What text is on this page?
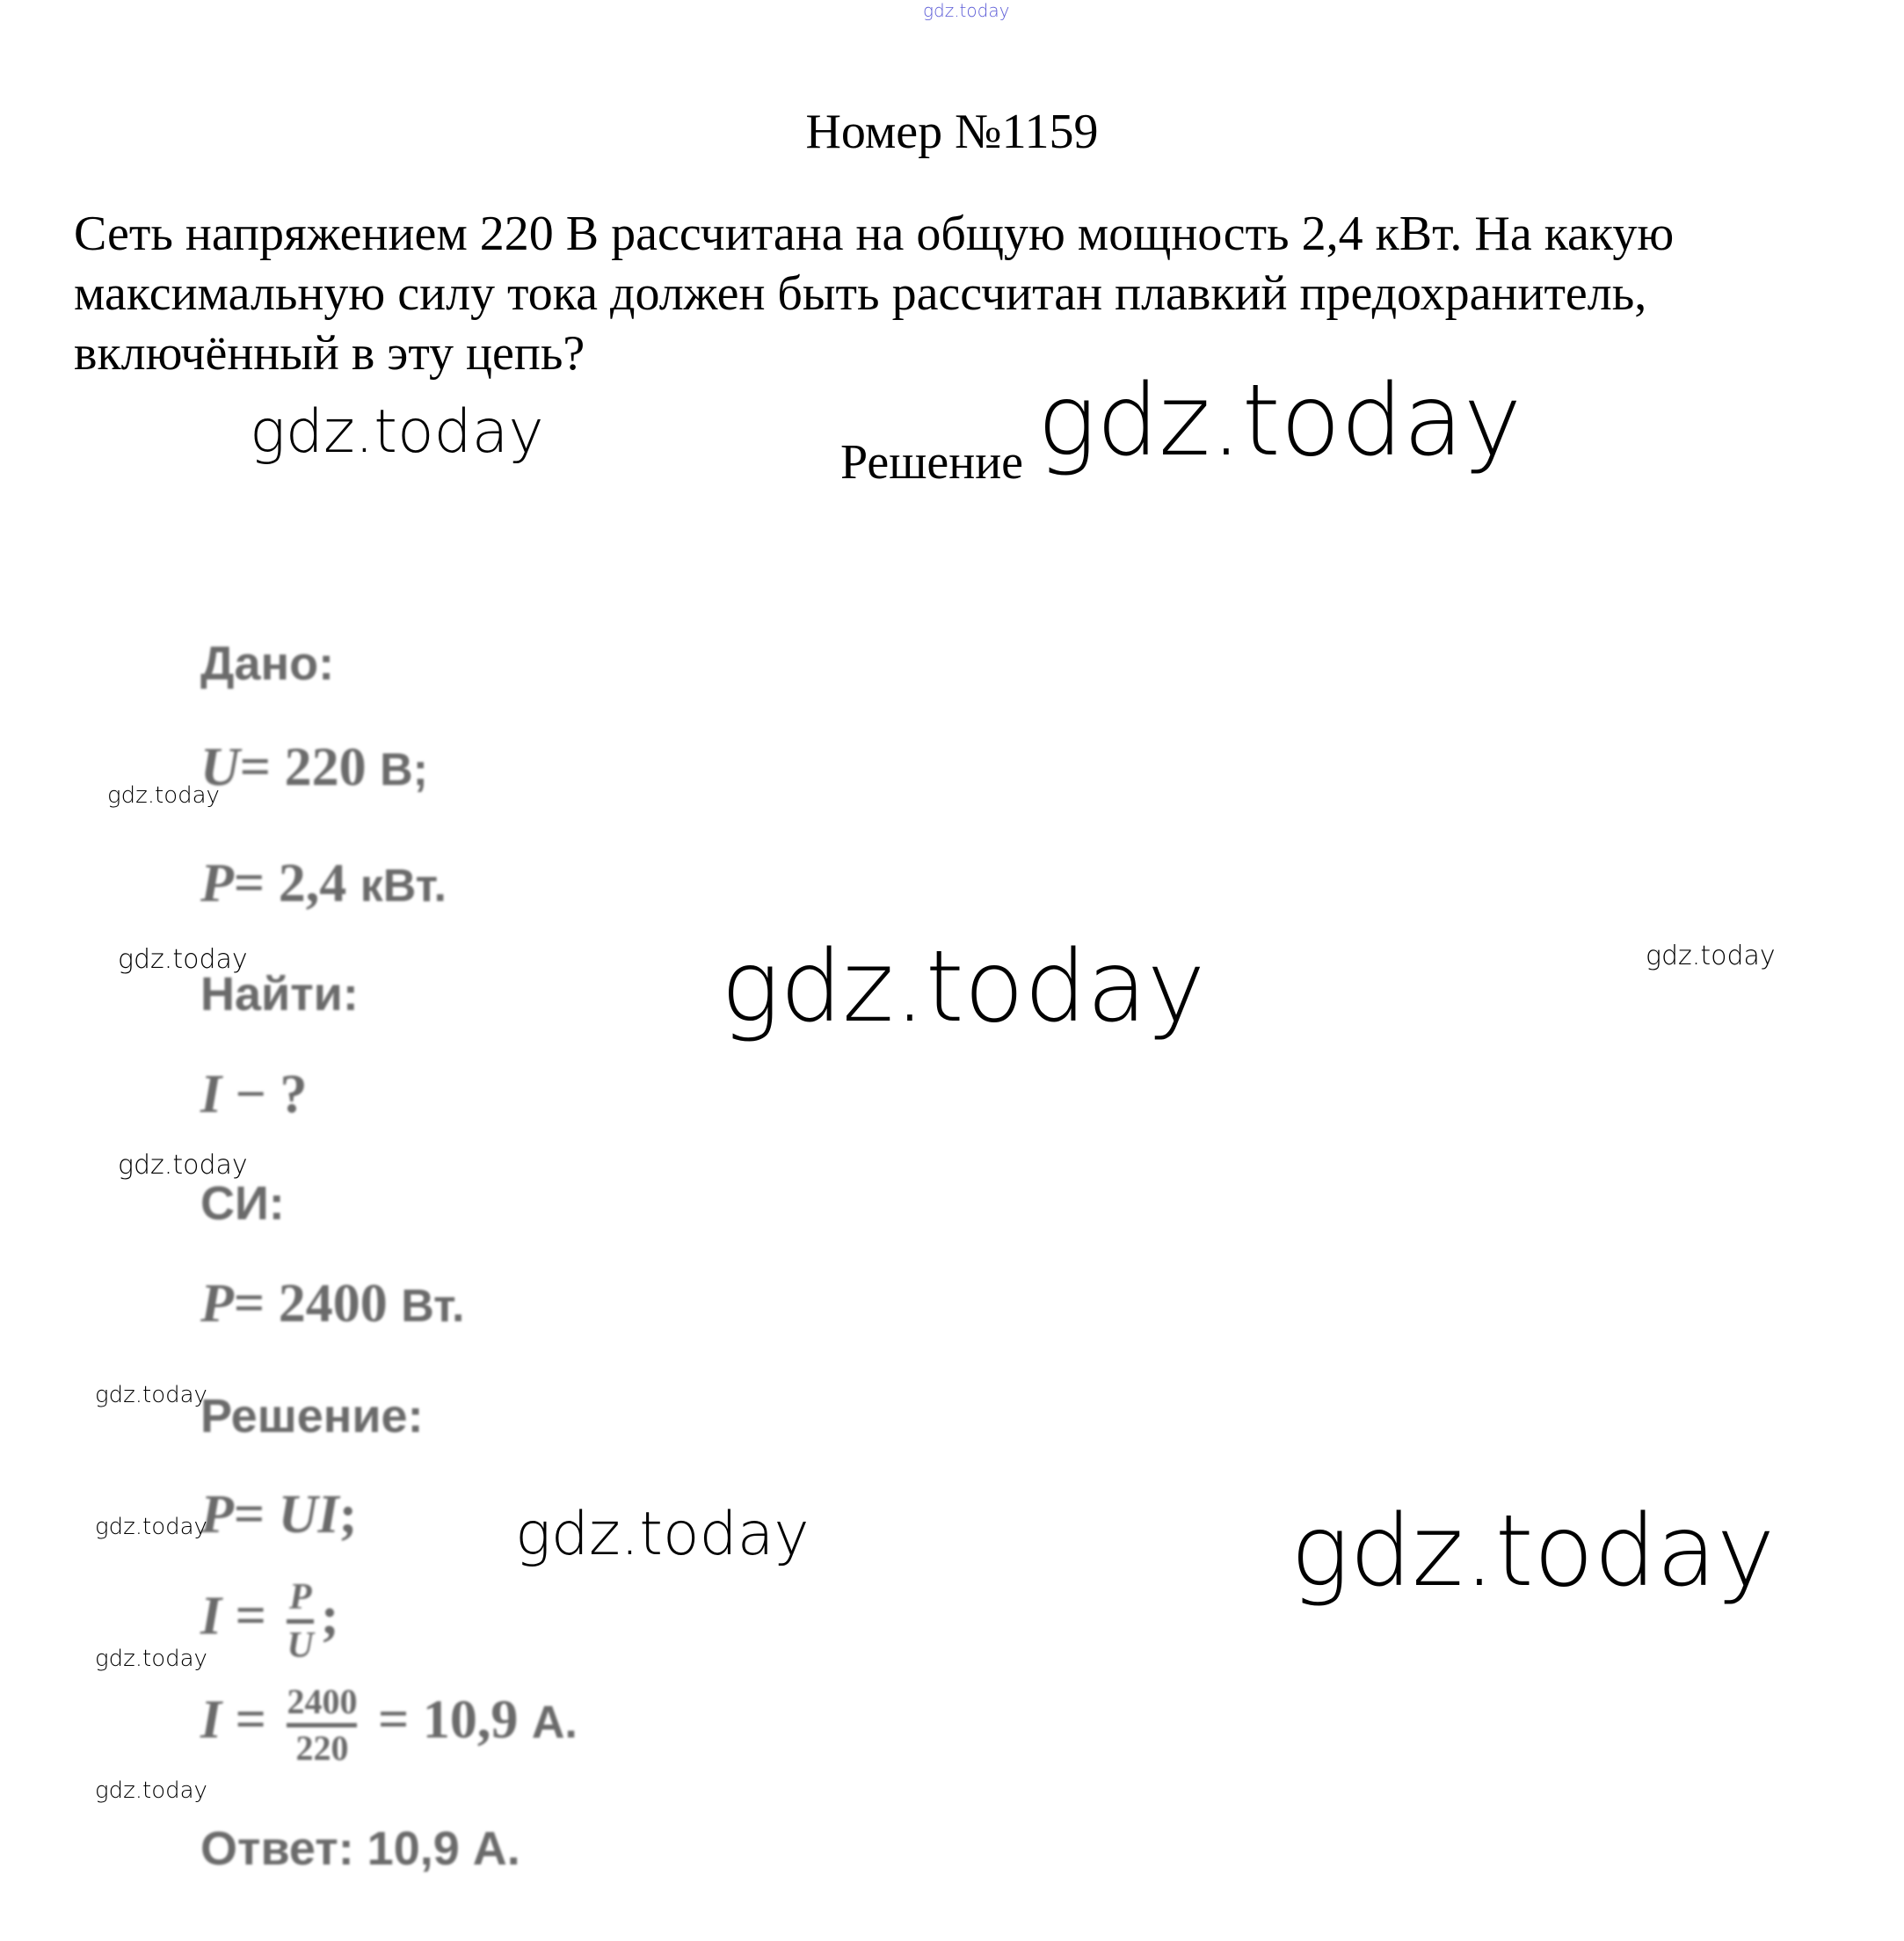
gdz.today
Номер №1159
Сеть напряжением 220 В рассчитана на общую мощность 2,4 кВт. На какую максимальную силу тока должен быть рассчитан плавкий предохранитель, включённый в эту цепь?
gdz.today	gdz.today
Решение
Дано:
U= 220 В;
P= 2,4 кВт.
Найти:
I − ?
СИ:
P= 2400 Вт.
Решение:
P= UI;
I = P
U ;
I = 2400
220 = 10,9 А.
Ответ: 10,9 А.
gdz.today
gdz.today	gdz.today
gdz.today
gdz.today
gdz.today
gdz.today	gdz.today	gdz.today
gdz.today
gdz.today
